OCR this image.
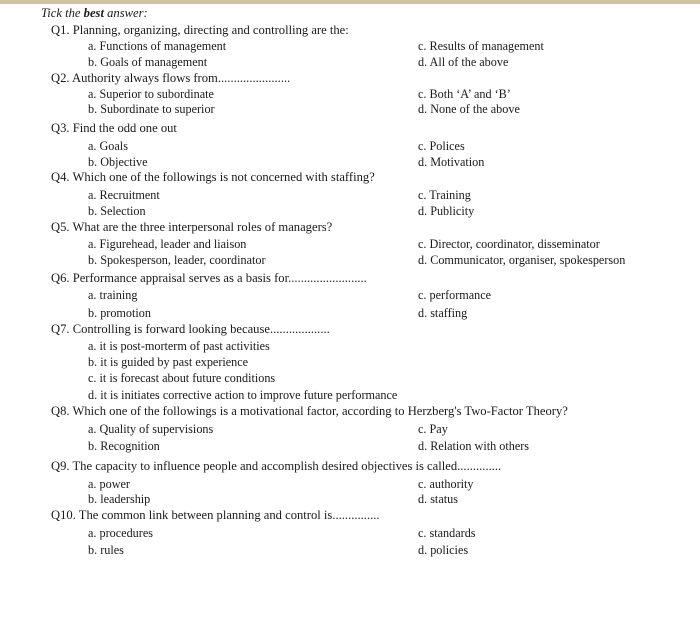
Tick the best answer:
Q1. Planning, organizing, directing and controlling are the:
a. Functions of management
b. Goals of management
c. Results of management
d. All of the above
Q2. Authority always flows from.......................
a. Superior to subordinate
b. Subordinate to superior
c. Both ‘A’ and ‘B’
d. None of the above
Q3. Find the odd one out
a. Goals
b. Objective
c. Polices
d. Motivation
Q4. Which one of the followings is not concerned with staffing?
a. Recruitment
b. Selection
c. Training
d. Publicity
Q5. What are the three interpersonal roles of managers?
a. Figurehead, leader and liaison
b. Spokesperson, leader, coordinator
c. Director, coordinator, disseminator
d. Communicator, organiser, spokesperson
Q6. Performance appraisal serves as a basis for.........................
a. training
b. promotion
c. performance
d. staffing
Q7. Controlling is forward looking because...................
a. it is post-morterm of past activities
b. it is guided by past experience
c. it is forecast about future conditions
d. it is initiates corrective action to improve future performance
Q8. Which one of the followings is a motivational factor, according to Herzberg's Two-Factor Theory?
a. Quality of supervisions
b. Recognition
c. Pay
d. Relation with others
Q9. The capacity to influence people and accomplish desired objectives is called..............
a. power
b. leadership
c. authority
d. status
Q10. The common link between planning and control is...............
a. procedures
b. rules
c. standards
d. policies
